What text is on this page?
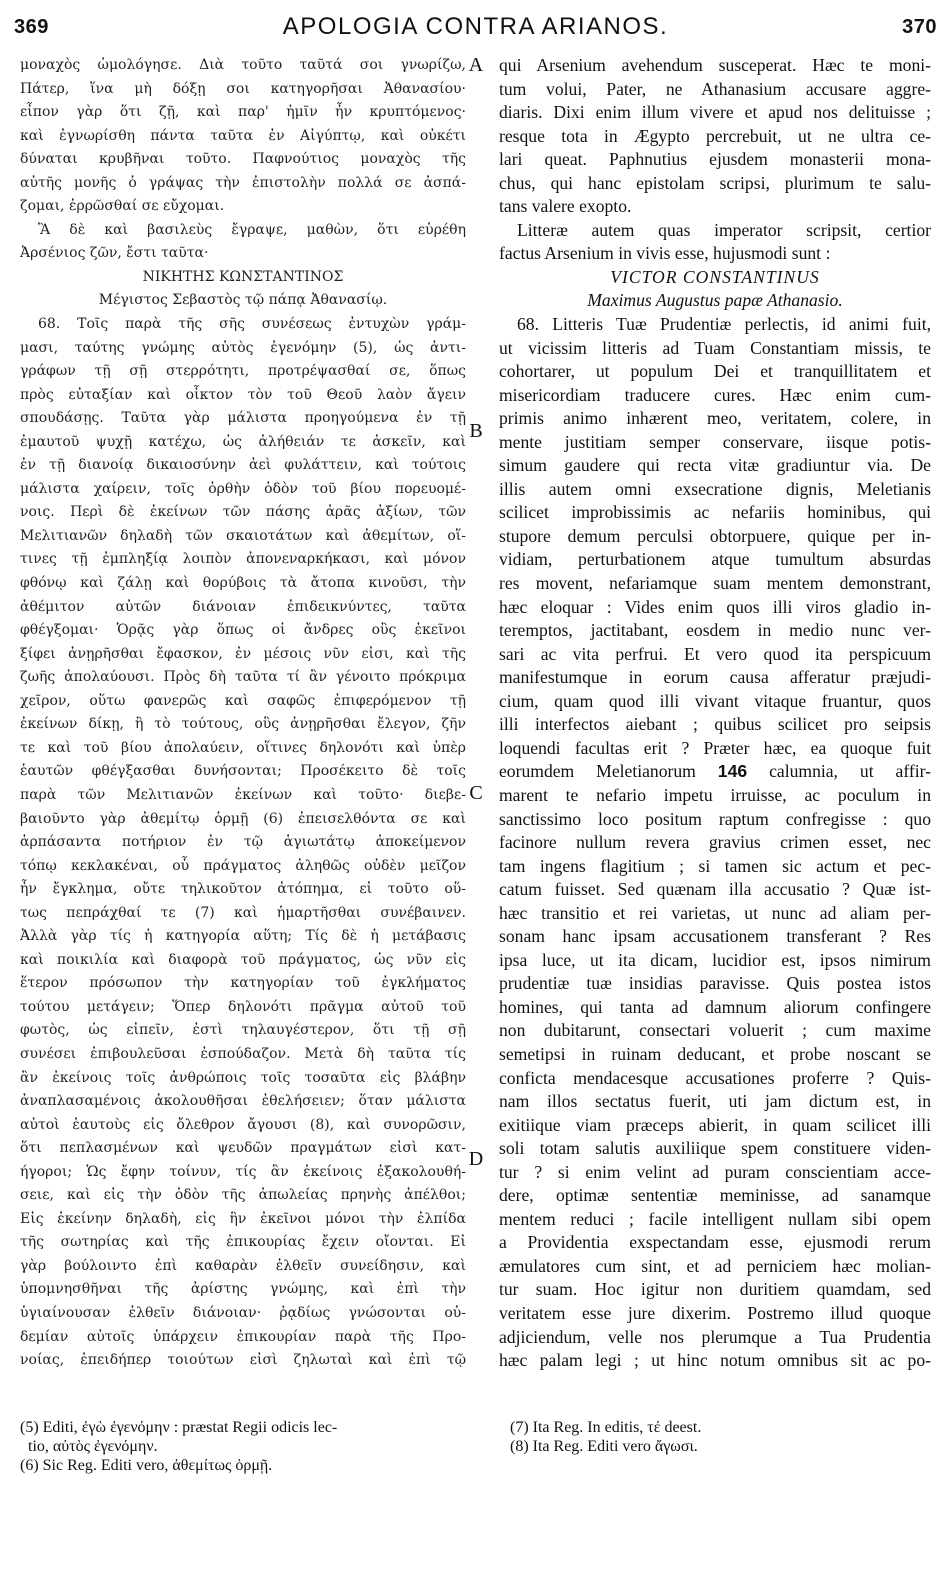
369	APOLOGIA CONTRA ARIANOS.	370
μοναχὸς ὡμολόγησε. Διὰ τοῦτο ταῦτά σοι γνωρίζω,
Πάτερ, ἵνα μὴ δόξῃ σοι κατηγορῆσαι Ἀθανασίου·
εἶπον γὰρ ὅτι ζῇ, καὶ παρ' ἡμῖν ἦν κρυπτόμενος·
καὶ ἐγνωρίσθη πάντα ταῦτα ἐν Αἰγύπτῳ, καὶ οὐκέτι
δύναται κρυβῆναι τοῦτο. Παφνούτιος μοναχὸς τῆς
αὐτῆς μονῆς ὁ γράψας τὴν ἐπιστολὴν πολλά σε ἀσπά-
ζομαι, ἐρρῶσθαί σε εὔχομαι.
Ἃ δὲ καὶ βασιλεὺς ἔγραψε, μαθὼν, ὅτι εὑρέθη
Ἀρσένιος ζῶν, ἔστι ταῦτα·
ΝΙΚΗΤΗΣ ΚΩΝΣΤΑΝΤΙΝΟΣ
Μέγιστος Σεβαστὸς τῷ πάπᾳ Ἀθανασίῳ.
68. Τοῖς παρὰ τῆς σῆς συνέσεως ἐντυχὼν γράμ-
μασι, ταύτης γνώμης αὐτὸς ἐγενόμην (5), ὡς ἀντι-
γράφων τῇ σῇ στερρότητι, προτρέψασθαί σε, ὅπως
πρὸς εὐταξίαν καὶ οἶκτον τὸν τοῦ Θεοῦ λαὸν ἄγειν
σπουδάσῃς. Ταῦτα γὰρ μάλιστα προηγούμενα ἐν τῇ
ἐμαυτοῦ ψυχῇ κατέχω, ὡς ἀλήθειάν τε ἀσκεῖν, καὶ
ἐν τῇ διανοίᾳ δικαιοσύνην ἀεὶ φυλάττειν, καὶ τούτοις
μάλιστα χαίρειν, τοῖς ὀρθὴν ὁδὸν τοῦ βίου πορευομέ-
νοις. Περὶ δὲ ἐκείνων τῶν πάσης ἀρᾶς ἀξίων, τῶν
Μελιτιανῶν δηλαδὴ τῶν σκαιοτάτων καὶ ἀθεμίτων, οἵ-
τινες τῇ ἐμπληξίᾳ λοιπὸν ἀπονεναρκήκασι, καὶ μόνον
φθόνῳ καὶ ζάλῃ καὶ θορύβοις τὰ ἄτοπα κινοῦσι, τὴν
ἀθέμιτον αὐτῶν διάνοιαν ἐπιδεικνύντες, ταῦτα
φθέγξομαι· Ὁρᾷς γὰρ ὅπως οἱ ἄνδρες οὓς ἐκεῖνοι
ξίφει ἀνῃρῆσθαι ἔφασκον, ἐν μέσοις νῦν εἰσι, καὶ τῆς
ζωῆς ἀπολαύουσι. Πρὸς δὴ ταῦτα τί ἂν γένοιτο πρόκριμα
χεῖρον, οὕτω φανερῶς καὶ σαφῶς ἐπιφερόμενον τῇ
ἐκείνων δίκῃ, ἢ τὸ τούτους, οὓς ἀνῃρῆσθαι ἔλεγον, ζῆν
τε καὶ τοῦ βίου ἀπολαύειν, οἵτινες δηλονότι καὶ ὑπὲρ
ἑαυτῶν φθέγξασθαι δυνήσονται; Προσέκειτο δὲ τοῖς
παρὰ τῶν Μελιτιανῶν ἐκείνων καὶ τοῦτο· διεβε-
βαιοῦντο γὰρ ἀθεμίτῳ ὁρμῇ (6) ἐπεισελθόντα σε καὶ
ἁρπάσαντα ποτήριον ἐν τῷ ἁγιωτάτῳ ἀποκείμενον
τόπῳ κεκλακέναι, οὗ πράγματος ἀληθῶς οὐδὲν μεῖζον
ἦν ἔγκλημα, οὔτε τηλικοῦτον ἀτόπημα, εἰ τοῦτο οὕ-
τως πεπράχθαί τε (7) καὶ ἡμαρτῆσθαι συνέβαινεν.
Ἀλλὰ γὰρ τίς ἡ κατηγορία αὕτη; Τίς δὲ ἡ μετάβασις
καὶ ποικιλία καὶ διαφορὰ τοῦ πράγματος, ὡς νῦν εἰς
ἕτερον πρόσωπον τὴν κατηγορίαν τοῦ ἐγκλήματος
τούτου μετάγειν; Ὅπερ δηλονότι πρᾶγμα αὐτοῦ τοῦ
φωτὸς, ὡς εἰπεῖν, ἐστὶ τηλαυγέστερον, ὅτι τῇ σῇ
συνέσει ἐπιβουλεῦσαι ἐσπούδαζον. Μετὰ δὴ ταῦτα τίς
ἂν ἐκείνοις τοῖς ἀνθρώποις τοῖς τοσαῦτα εἰς βλάβην
ἀναπλασαμένοις ἀκολουθῆσαι ἐθελήσειεν; ὅταν μάλιστα
αὐτοὶ ἑαυτοὺς εἰς ὄλεθρον ἄγουσι (8), καὶ συνορῶσιν,
ὅτι πεπλασμένων καὶ ψευδῶν πραγμάτων εἰσὶ κατ-
ήγοροι; Ὡς ἔφην τοίνυν, τίς ἂν ἐκείνοις ἐξακολουθή-
σειε, καὶ εἰς τὴν ὁδὸν τῆς ἀπωλείας πρηνὴς ἀπέλθοι;
Εἰς ἐκείνην δηλαδὴ, εἰς ἣν ἐκεῖνοι μόνοι τὴν ἐλπίδα
τῆς σωτηρίας καὶ τῆς ἐπικουρίας ἔχειν οἴονται. Εἰ
γὰρ βούλοιντο ἐπὶ καθαρὰν ἐλθεῖν συνείδησιν, καὶ
ὑπομνησθῆναι τῆς ἀρίστης γνώμης, καὶ ἐπὶ τὴν
ὑγιαίνουσαν ἐλθεῖν διάνοιαν· ῥᾳδίως γνώσονται οὐ-
δεμίαν αὐτοῖς ὑπάρχειν ἐπικουρίαν παρὰ τῆς Προ-
νοίας, ἐπειδήπερ τοιούτων εἰσὶ ζηλωταὶ καὶ ἐπὶ τῷ
qui Arsenium avehendum susceperat. Hæc te moni-
tum volui, Pater, ne Athanasium accusare aggre-
diaris. Dixi enim illum vivere et apud nos delituisse ;
resque tota in Ægypto percrebuit, ut ne ultra ce-
lari queat. Paphnutius ejusdem monasterii mona-
chus, qui hanc epistolam scripsi, plurimum te salu-
tans valere exopto.
Litteræ autem quas imperator scripsit, certior
factus Arsenium in vivis esse, hujusmodi sunt :
VICTOR CONSTANTINUS
Maximus Augustus papæ Athanasio.
68. Litteris Tuæ Prudentiæ perlectis, id animi fuit,
ut vicissim litteris ad Tuam Constantiam missis, te
cohortarer, ut populum Dei et tranquillitatem et
misericordiam traducere cures. Hæc enim cum-
primis animo inhærent meo, veritatem, colere, in
mente justitiam semper conservare, iisque potis-
simum gaudere qui recta vitæ gradiuntur via. De
illis autem omni exsecratione dignis, Meletianis
scilicet improbissimis ac nefariis hominibus, qui
stupore demum perculsi obtorpuere, quique per in-
vidiam, perturbationem atque tumultum absurdas
res movent, nefariamque suam mentem demonstrant,
hæc eloquar : Vides enim quos illi viros gladio in-
teremptos, jactitabant, eosdem in medio nunc ver-
sari ac vita perfrui. Et vero quod ita perspicuum
manifestumque in eorum causa afferatur præjudi-
cium, quam quod illi vivant vitaque fruantur, quos
illi interfectos aiebant ; quibus scilicet pro seipsis
loquendi facultas erit ? Præter hæc, ea quoque fuit
eorumdem Meletianorum 146 calumnia, ut affir-
marent te nefario impetu irruisse, ac poculum in
sanctissimo loco positum raptum confregisse : quo
facinore nullum revera gravius crimen esset, nec
tam ingens flagitium ; si tamen sic actum et pec-
catum fuisset. Sed quænam illa accusatio ? Quæ ist-
hæc transitio et rei varietas, ut nunc ad aliam per-
sonam hanc ipsam accusationem transferant ? Res
ipsa luce, ut ita dicam, lucidior est, ipsos nimirum
prudentiæ tuæ insidias paravisse. Quis postea istos
homines, qui tanta ad damnum aliorum confingere
non dubitarunt, consectari voluerit ; cum maxime
semetipsi in ruinam deducant, et probe noscant se
conficta mendacesque accusationes proferre ? Quis-
nam illos sectatus fuerit, uti jam dictum est, in
exitiique viam præceps abierit, in quam scilicet illi
soli totam salutis auxiliique spem constituere viden-
tur ? si enim velint ad puram conscientiam acce-
dere, optimæ sententiæ meminisse, ad sanamque
mentem reduci ; facile intelligent nullam sibi opem
a Providentia exspectandam esse, ejusmodi rerum
æmulatores cum sint, et ad perniciem hæc molian-
tur suam. Hoc igitur non duritiem quamdam, sed
veritatem esse jure dixerim. Postremo illud quoque
adjiciendum, velle nos plerumque a Tua Prudentia
hæc palam legi ; ut hinc notum omnibus sit ac po-
A
B
C
D
(5) Editi, ἐγὼ ἐγενόμην : præstat Regii odicis lec-
tio, αὐτὸς ἐγενόμην.
(6) Sic Reg. Editi vero, ἀθεμίτως ὁρμῇ.
(7) Ita Reg. In editis, τέ deest.
(8) Ita Reg. Editi vero ἄγωσι.
